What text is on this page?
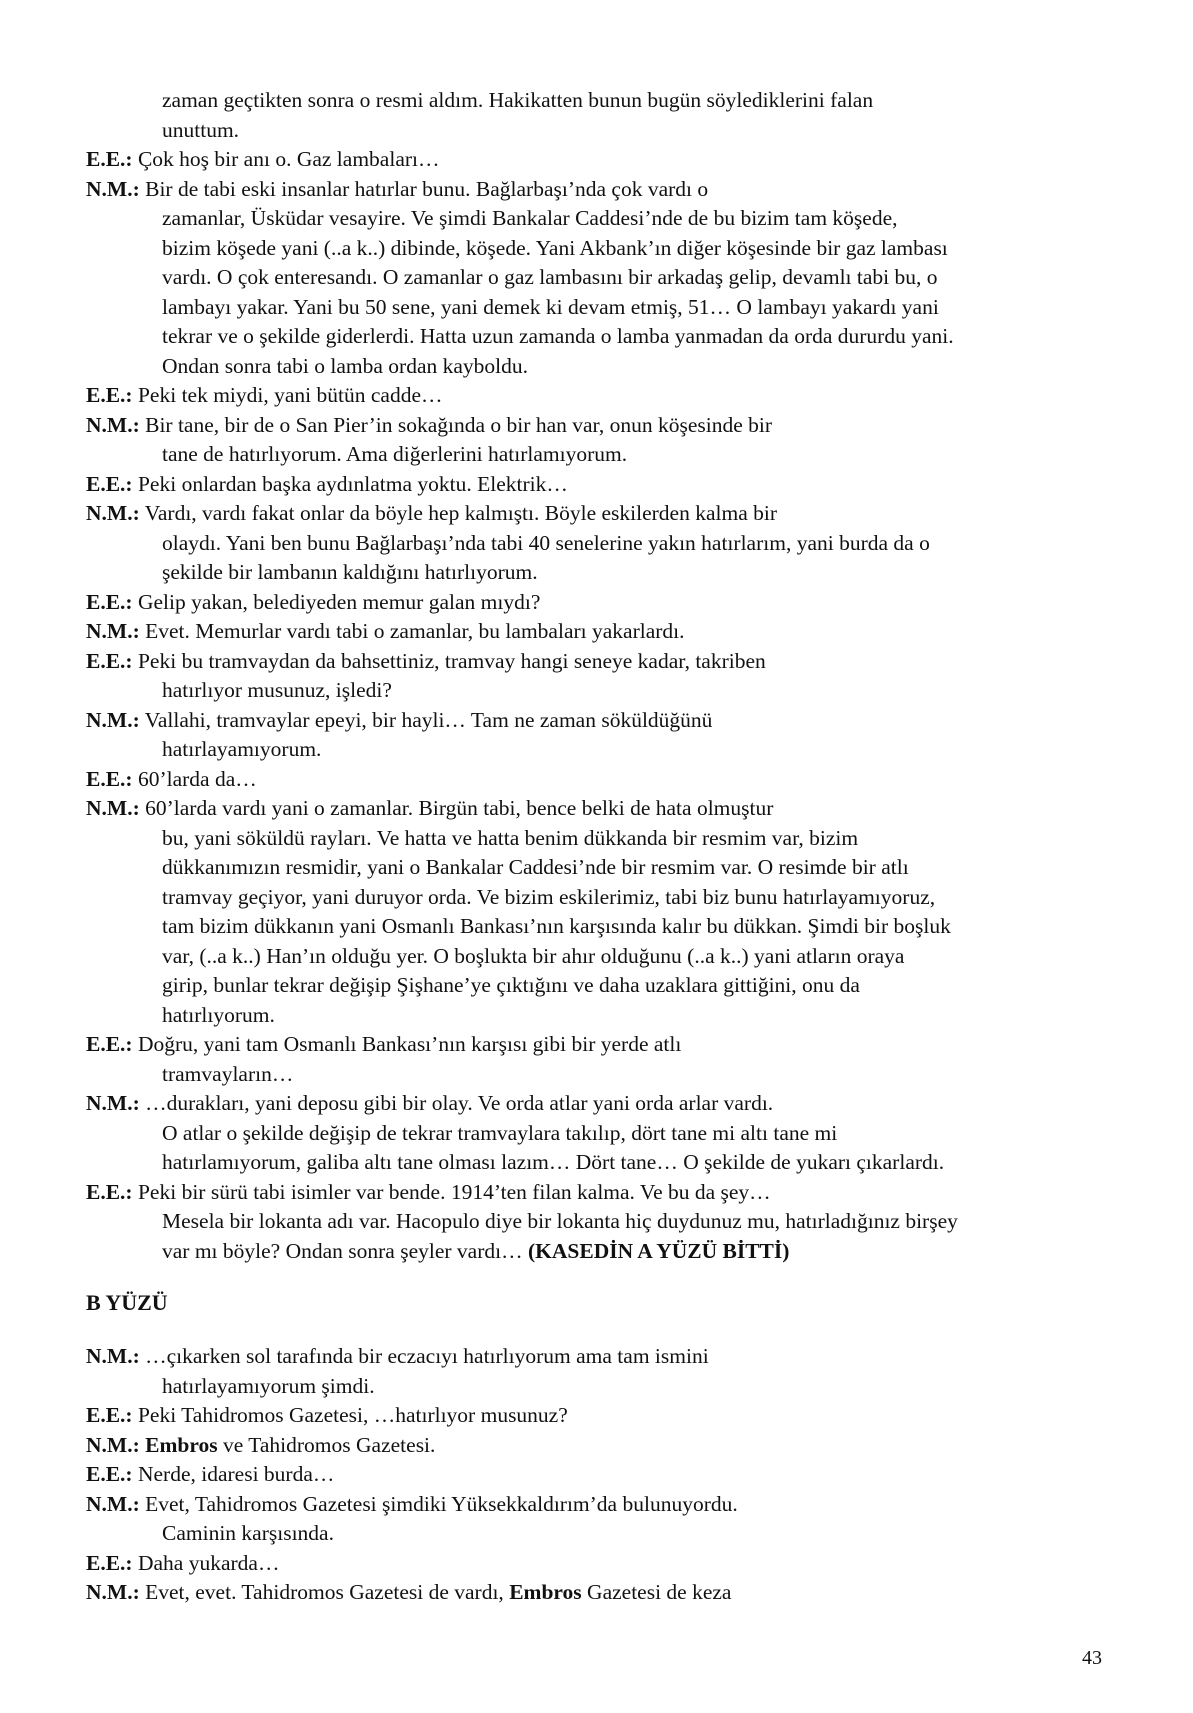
zaman geçtikten sonra o resmi aldım. Hakikatten bunun bugün söylediklerini falan
unuttum.
E.E.: Çok hoş bir anı o. Gaz lambaları…
N.M.: Bir de tabi eski insanlar hatırlar bunu. Bağlarbaşı’nda çok vardı o
zamanlar, Üsküdar vesayire. Ve şimdi Bankalar Caddesi’nde de bu bizim tam köşede,
bizim köşede yani (..a k..) dibinde, köşede. Yani Akbank’ın diğer köşesinde bir gaz lambası
vardı. O çok enteresandı. O zamanlar o gaz lambasını bir arkadaş gelip, devamlı tabi bu, o
lambayı yakar. Yani bu 50 sene, yani demek ki devam etmiş, 51… O lambayı yakardı yani
tekrar ve o şekilde giderlerdi. Hatta uzun zamanda o lamba yanmadan da orda dururdu yani.
Ondan sonra tabi o lamba ordan kayboldu.
E.E.: Peki tek miydi, yani bütün cadde…
N.M.: Bir tane, bir de o San Pier’in sokağında o bir han var, onun köşesinde bir
tane de hatırlıyorum. Ama diğerlerini hatırlamıyorum.
E.E.: Peki onlardan başka aydınlatma yoktu. Elektrik…
N.M.: Vardı, vardı fakat onlar da böyle hep kalmıştı. Böyle eskilerden kalma bir
olaydı. Yani ben bunu Bağlarbaşı’nda tabi 40 senelerine yakın hatırlarım, yani burda da o
şekilde bir lambanın kaldığını hatırlıyorum.
E.E.: Gelip yakan, belediyeden memur galan mıydı?
N.M.: Evet. Memurlar vardı tabi o zamanlar, bu lambaları yakarlardı.
E.E.: Peki bu tramvaydan da bahsettiniz, tramvay hangi seneye kadar, takriben
hatırlıyor musunuz, işledi?
N.M.: Vallahi, tramvaylar epeyi, bir hayli… Tam ne zaman söküldüğünü
hatırlayamıyorum.
E.E.: 60’larda da…
N.M.: 60’larda vardı yani o zamanlar. Birgün tabi, bence belki de hata olmuştur
bu, yani söküldü rayları. Ve hatta ve hatta benim dükkanda bir resmim var, bizim
dükkanımızın resmidir, yani o Bankalar Caddesi’nde bir resmim var. O resimde bir atlı
tramvay geçiyor, yani duruyor orda. Ve bizim eskilerimiz, tabi biz bunu hatırlayamıyoruz,
tam bizim dükkanın yani Osmanlı Bankası’nın karşısında kalır bu dükkan. Şimdi bir boşluk
var, (..a k..) Han’ın olduğu yer. O boşlukta bir ahır olduğunu (..a k..) yani atların oraya
girip, bunlar tekrar değişip Şişhane’ye çıktığını ve daha uzaklara gittiğini, onu da
hatırlıyorum.
E.E.: Doğru, yani tam Osmanlı Bankası’nın karşısı gibi bir yerde atlı
tramvayların…
N.M.: …durakları, yani deposu gibi bir olay. Ve orda atlar yani orda arlar vardı.
O atlar o şekilde değişip de tekrar tramvaylara takılıp, dört tane mi altı tane mi
hatırlamıyorum, galiba altı tane olması lazım… Dört tane… O şekilde de yukarı çıkarlardı.
E.E.: Peki bir sürü tabi isimler var bende. 1914’ten filan kalma. Ve bu da şey…
Mesela bir lokanta adı var. Hacopulo diye bir lokanta hiç duydunuz mu, hatırladığınız birşey
var mı böyle? Ondan sonra şeyler vardı… (KASEDİN A YÜZÜ BİTTİ)
B YÜZÜ
N.M.: …çıkarken sol tarafında bir eczacıyı hatırlıyorum ama tam ismini
hatırlayamıyorum şimdi.
E.E.: Peki Tahidromos Gazetesi, …hatırlıyor musunuz?
N.M.: Embros ve Tahidromos Gazetesi.
E.E.: Nerde, idaresi burda…
N.M.: Evet, Tahidromos Gazetesi şimdiki Yüksekkaldırım’da bulunuyordu.
Caminin karşısında.
E.E.: Daha yukarda…
N.M.: Evet, evet. Tahidromos Gazetesi de vardı, Embros Gazetesi de keza
43
